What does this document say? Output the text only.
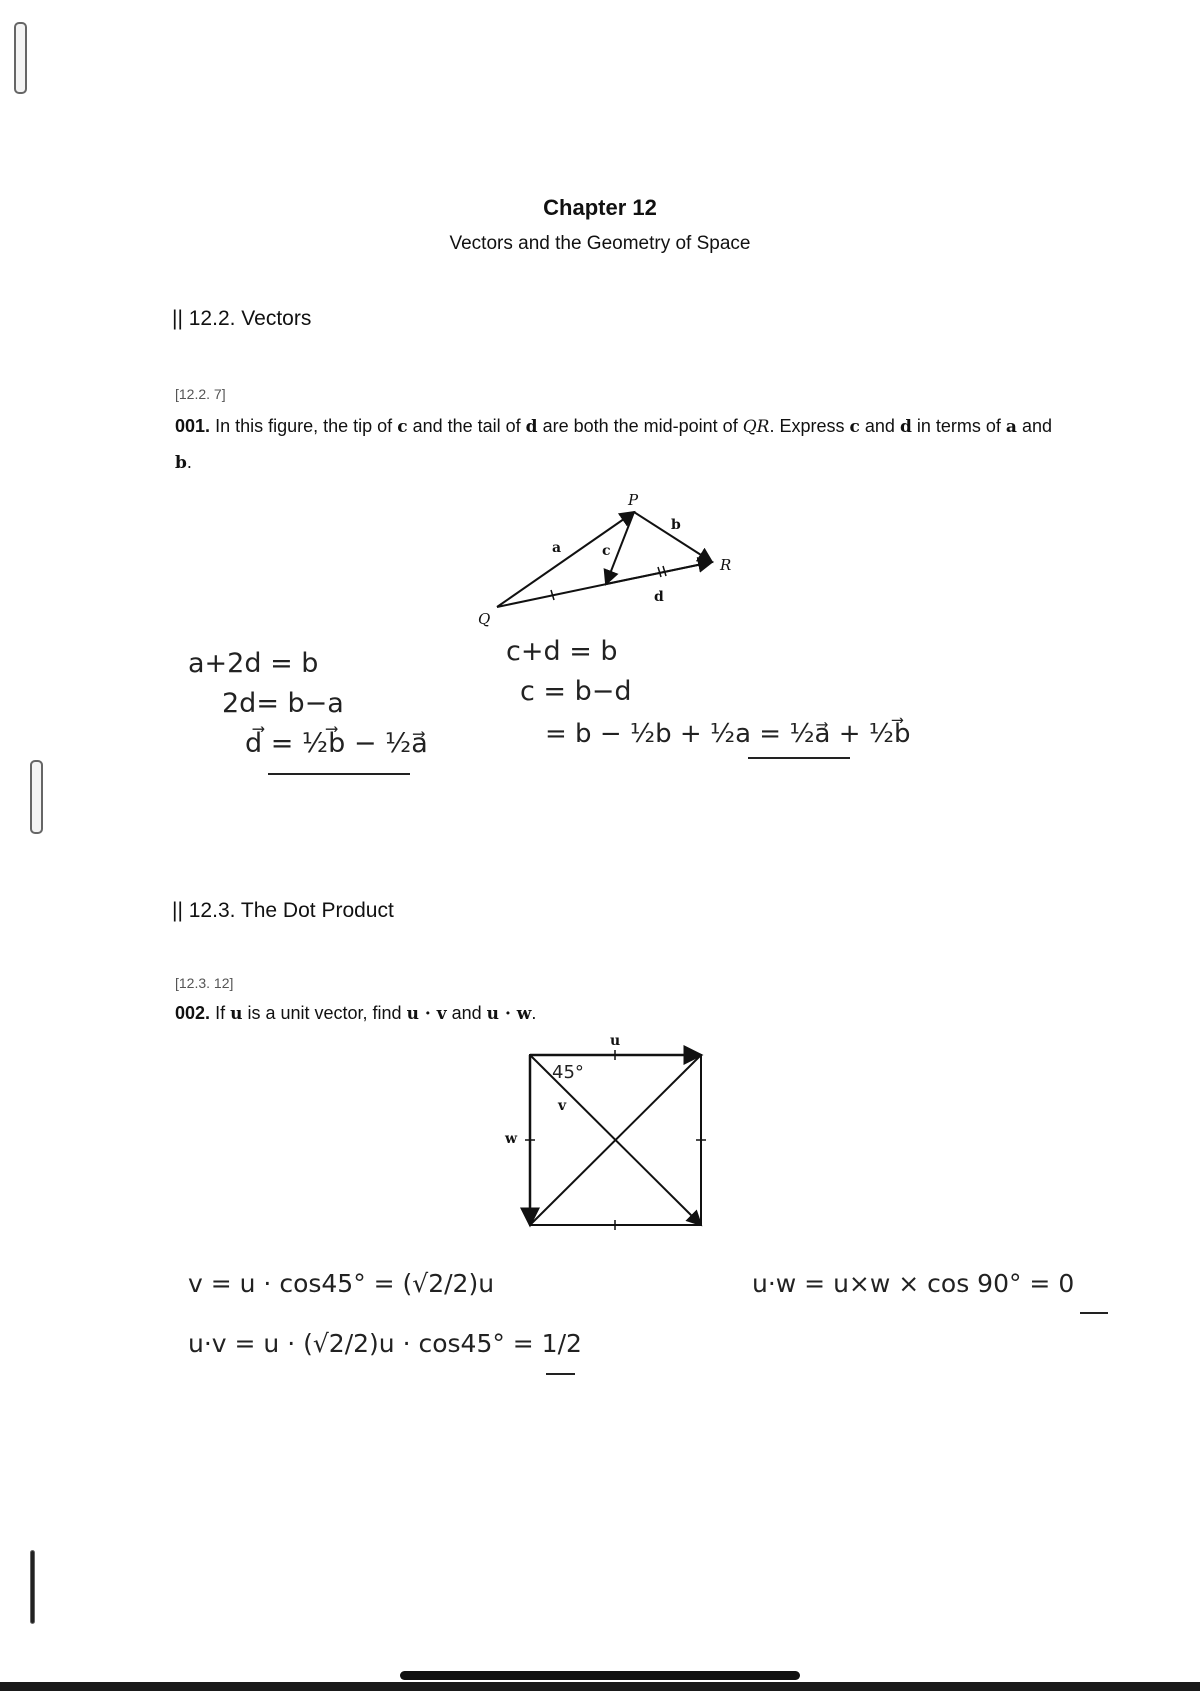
Chapter 12
Vectors and the Geometry of Space
|| 12.2. Vectors
[12.2. 7]
001. In this figure, the tip of c and the tail of d are both the mid-point of QR. Express c and d in terms of a and b.
P
Q
R
a
b
c
d
a+2d = b
2d= b−a
d⃗ = ½b⃗ − ½a⃗
c+d = b
c = b−d
= b − ½b + ½a = ½a⃗ + ½b⃗
|| 12.3. The Dot Product
[12.3. 12]
002. If u is a unit vector, find u · v and u · w.
u
v
w
45°
v = u · cos45° = (√2/2)u
u·v = u · (√2/2)u · cos45° = 1/2
u·w = u×w × cos 90° = 0
